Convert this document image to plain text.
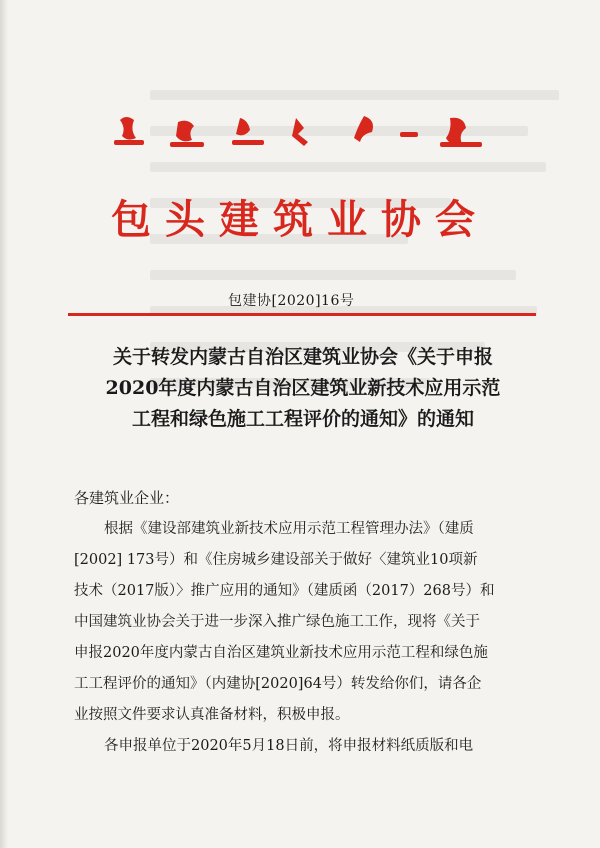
包头建筑业协会
包建协[2020]16号
关于转发内蒙古自治区建筑业协会《关于申报
2020年度内蒙古自治区建筑业新技术应用示范
工程和绿色施工工程评价的通知》的通知
各建筑业企业：

根据《建设部建筑业新技术应用示范工程管理办法》（建质

[2002] 173号）和《住房城乡建设部关于做好〈建筑业10项新

技术（2017版）〉推广应用的通知》（建质函（2017）268号）和

中国建筑业协会关于进一步深入推广绿色施工工作，现将《关于

申报2020年度内蒙古自治区建筑业新技术应用示范工程和绿色施

工工程评价的通知》（内建协[2020]64号）转发给你们，请各企

业按照文件要求认真准备材料，积极申报。

各申报单位于2020年5月18日前，将申报材料纸质版和电
